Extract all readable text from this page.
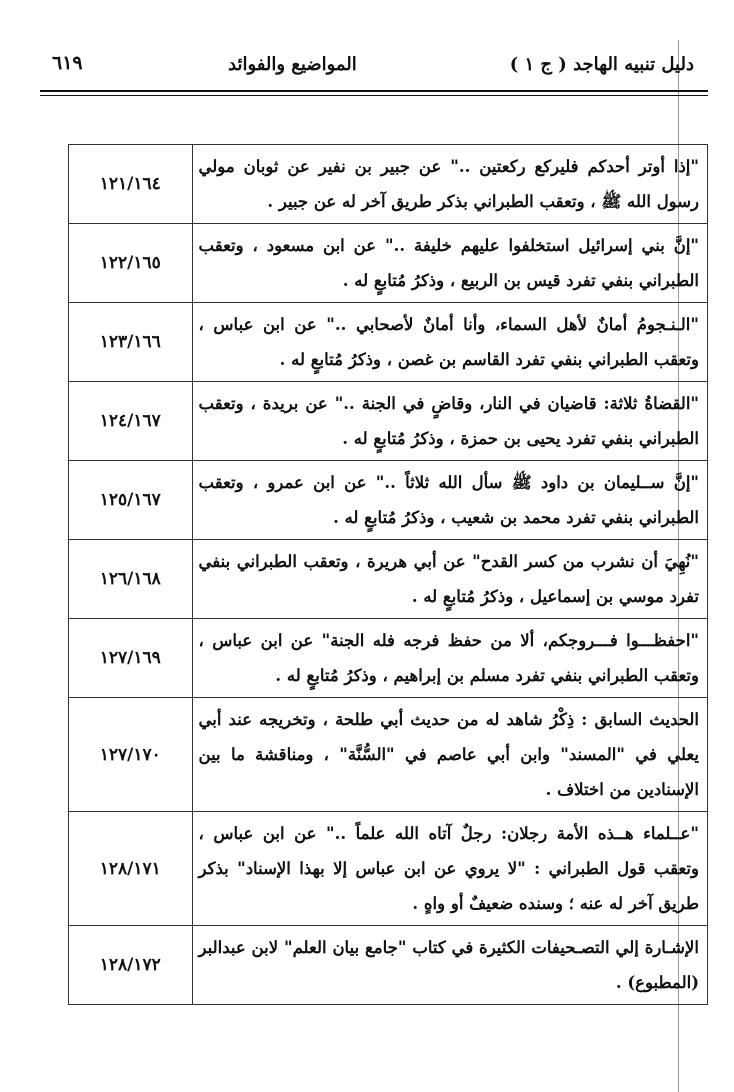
دليل تنبيه الهاجد ( ج ١ )
المواضيع والفوائد
٦١٩
"إذا أوتر أحدكم فليركع ركعتين .." عن جبير بن نفير عن ثوبان مولي رسول الله ﷺ ، وتعقب الطبراني بذكر طريق آخر له عن جبير .	١٢١/١٦٤
"إنَّ بني إسرائيل استخلفوا عليهم خليفة .." عن ابن مسعود ، وتعقب الطبراني بنفي تفرد قيس بن الربيع ، وذكرُ مُتابعٍ له .	١٢٢/١٦٥
"الـنـجومُ أمانٌ لأهل السماء، وأنا أمانٌ لأصحابي .." عن ابن عباس ، وتعقب الطبراني بنفي تفرد القاسم بن غصن ، وذكرُ مُتابعٍ له .	١٢٣/١٦٦
"القضاةُ ثلاثة: قاضيان في النار، وقاضٍ في الجنة .." عن بريدة ، وتعقب الطبراني بنفي تفرد يحيى بن حمزة ، وذكرُ مُتابعٍ له .	١٢٤/١٦٧
"إنَّ ســليمان بن داود ﷺ سأل الله ثلاثاً .." عن ابن عمرو ، وتعقب الطبراني بنفي تفرد محمد بن شعيب ، وذكرُ مُتابعٍ له .	١٢٥/١٦٧
"نُهِيَ أن نشرب من كسر القدح" عن أبي هريرة ، وتعقب الطبراني بنفي تفرد موسي بن إسماعيل ، وذكرُ مُتابعٍ له .	١٢٦/١٦٨
"احفظـــوا فـــروجكم، ألا من حفظ فرجه فله الجنة" عن ابن عباس ، وتعقب الطبراني بنفي تفرد مسلم بن إبراهيم ، وذكرُ مُتابعٍ له .	١٢٧/١٦٩
الحديث السابق : ذِكْرُ شاهد له من حديث أبي طلحة ، وتخريجه عند أبي يعلي في "المسند" وابن أبي عاصم في "السُّنَّة" ، ومناقشة ما بين الإسنادين من اختلاف .	١٢٧/١٧٠
"عــلماء هــذه الأمة رجلان: رجلٌ آتاه الله علماً .." عن ابن عباس ، وتعقب قول الطبراني : "لا يروي عن ابن عباس إلا بهذا الإسناد" بذكر طريق آخر له عنه ؛ وسنده ضعيفٌ أو واهٍ .	١٢٨/١٧١
الإشـارة إلي التصـحيفات الكثيرة في كتاب "جامع بيان العلم" لابن عبدالبر (المطبوع) .	١٢٨/١٧٢
